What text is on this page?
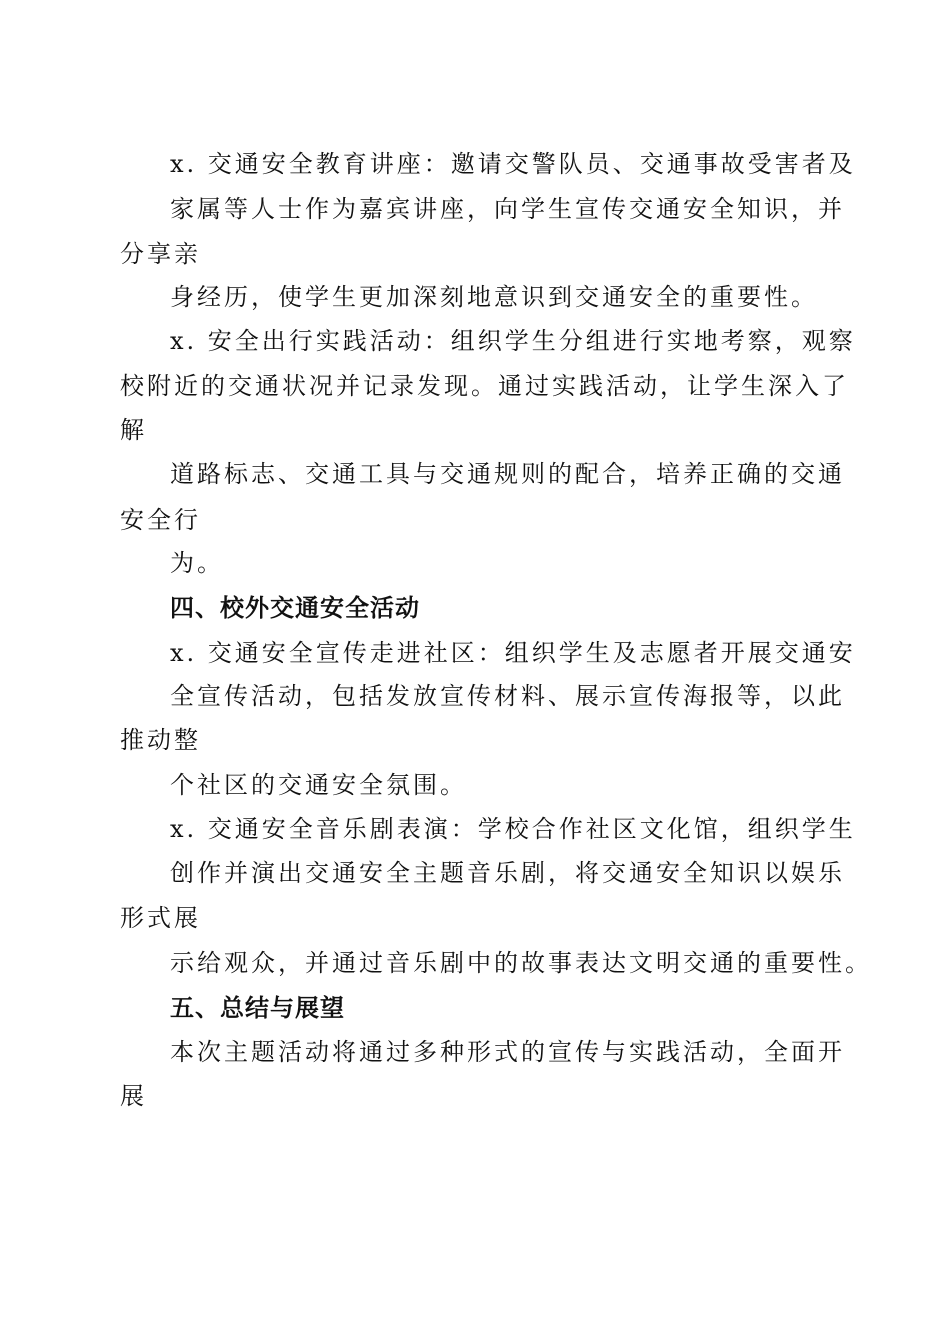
x. 交通安全教育讲座：邀请交警队员、交通事故受害者及
家属等人士作为嘉宾讲座，向学生宣传交通安全知识，并
分享亲
身经历，使学生更加深刻地意识到交通安全的重要性。
x. 安全出行实践活动：组织学生分组进行实地考察，观察
校附近的交通状况并记录发现。通过实践活动，让学生深入了
解
道路标志、交通工具与交通规则的配合，培养正确的交通
安全行
为。
四、校外交通安全活动
x. 交通安全宣传走进社区：组织学生及志愿者开展交通安
全宣传活动，包括发放宣传材料、展示宣传海报等，以此
推动整
个社区的交通安全氛围。
x. 交通安全音乐剧表演：学校合作社区文化馆，组织学生
创作并演出交通安全主题音乐剧，将交通安全知识以娱乐
形式展
示给观众，并通过音乐剧中的故事表达文明交通的重要性。
五、总结与展望
本次主题活动将通过多种形式的宣传与实践活动，全面开
展
